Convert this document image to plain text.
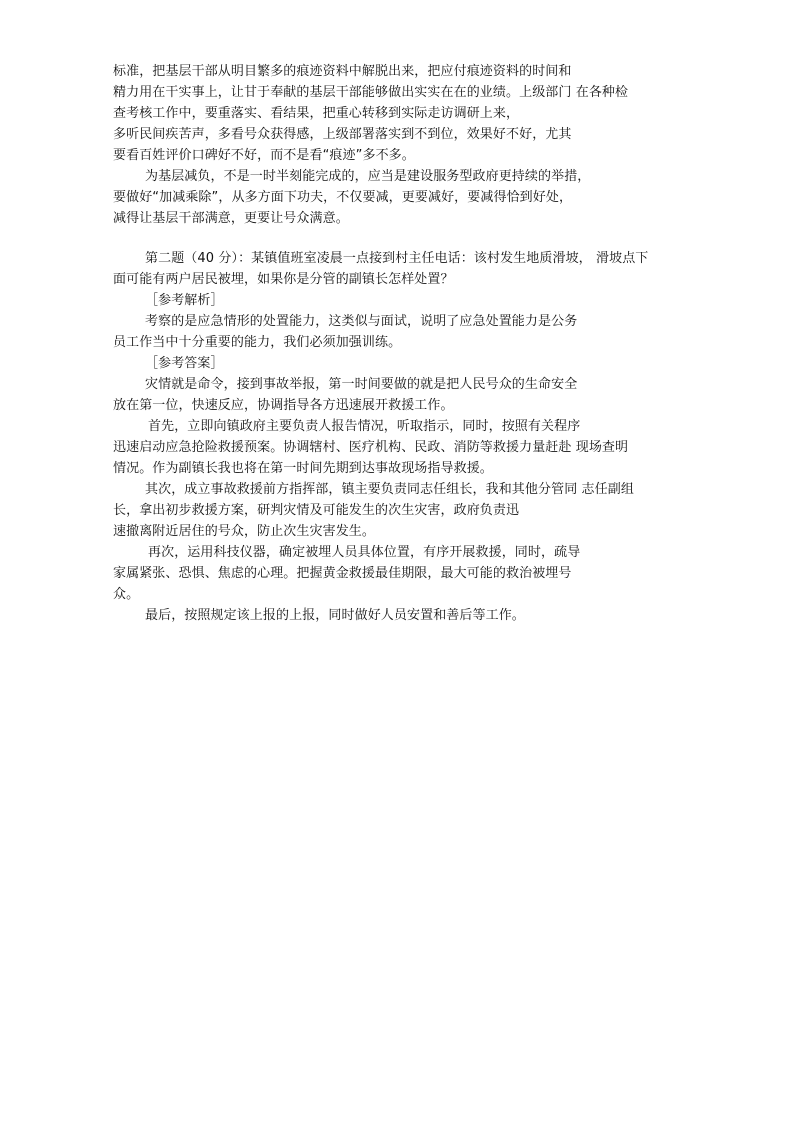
标准，把基层干部从明目繁多的痕迹资料中解脱出来，把应付痕迹资料的时间和
精力用在干实事上，让甘于奉献的基层干部能够做出实实在在的业绩。上级部门 在各种检
查考核工作中，要重落实、看结果，把重心转移到实际走访调研上来，
多听民间疾苦声，多看号众获得感，上级部署落实到不到位，效果好不好，尤其
要看百姓评价口碑好不好，而不是看“痕迹”多不多。
为基层减负，不是一时半刻能完成的，应当是建设服务型政府更持续的举措，
要做好“加减乘除”，从多方面下功夫，不仅要减，更要减好，要减得恰到好处，
减得让基层干部满意，更要让号众满意。
第二题（40 分）：某镇值班室凌晨一点接到村主任电话：该村发生地质滑坡， 滑坡点下
面可能有两户居民被埋，如果你是分管的副镇长怎样处置？
［参考解析］
考察的是应急情形的处置能力，这类似与面试，说明了应急处置能力是公务
员工作当中十分重要的能力，我们必须加强训练。
［参考答案］
灾情就是命令，接到事故举报，第一时间要做的就是把人民号众的生命安全
放在第一位，快速反应，协调指导各方迅速展开救援工作。
首先，立即向镇政府主要负责人报告情况，听取指示，同时，按照有关程序
迅速启动应急抢险救援预案。协调辖村、医疗机构、民政、消防等救援力量赶赴 现场查明
情况。作为副镇长我也将在第一时间先期到达事故现场指导救援。
其次，成立事故救援前方指挥部，镇主要负责同志任组长，我和其他分管同 志任副组
长，拿出初步救援方案，研判灾情及可能发生的次生灾害，政府负责迅
速撤离附近居住的号众，防止次生灾害发生。
再次，运用科技仪器，确定被埋人员具体位置，有序开展救援，同时，疏导
家属紧张、恐惧、焦虑的心理。把握黄金救援最佳期限，最大可能的救治被埋号
众。
最后，按照规定该上报的上报，同时做好人员安置和善后等工作。
